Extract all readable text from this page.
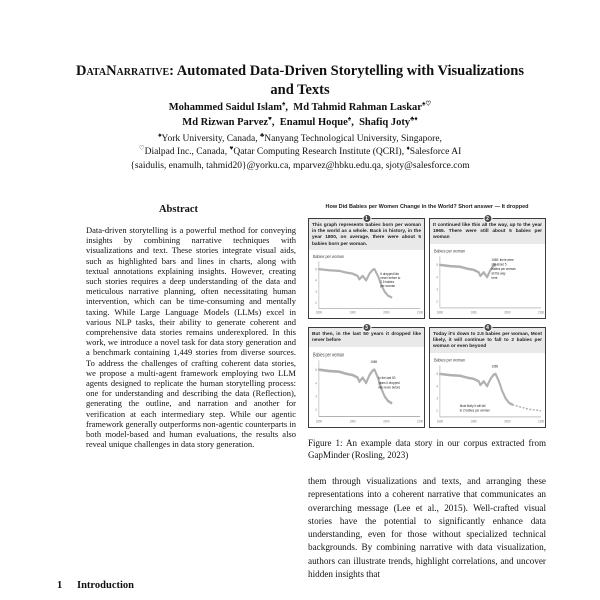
DataNarrative: Automated Data-Driven Storytelling with Visualizations and Texts
Mohammed Saidul Islam♠,  Md Tahmid Rahman Laskar♠♡
Md Rizwan Parvez♥,  Enamul Hoque♠,  Shafiq Joty♣♦
♠York University, Canada, ♣Nanyang Technological University, Singapore,
♡Dialpad Inc., Canada, ♥Qatar Computing Research Institute (QCRI), ♦Salesforce AI
{saidulis, enamulh, tahmid20}@yorku.ca, mparvez@hbku.edu.qa, sjoty@salesforce.com
Abstract
Data-driven storytelling is a powerful method for conveying insights by combining narrative techniques with visualizations and text. These stories integrate visual aids, such as highlighted bars and lines in charts, along with textual annotations explaining insights. However, creating such stories requires a deep understanding of the data and meticulous narrative planning, often necessitating human intervention, which can be time-consuming and mentally taxing. While Large Language Models (LLMs) excel in various NLP tasks, their ability to generate coherent and comprehensive data stories remains underexplored. In this work, we introduce a novel task for data story generation and a benchmark containing 1,449 stories from diverse sources. To address the challenges of crafting coherent data stories, we propose a multi-agent framework employing two LLM agents designed to replicate the human storytelling process: one for understanding and describing the data (Reflection), generating the outline, and narration and another for verification at each intermediary step. While our agentic framework generally outperforms non-agentic counterparts in both model-based and human evaluations, the results also reveal unique challenges in data story generation.
1 Introduction
How Did Babies per Women Change in the World? Short answer — It dropped
1
This graph represents babies born per woman in the world as a whole. Back in history, in the year 1800, on average, there were about 5 babies born per woman.
Babies per woman
5
4
3
2
1800	1900	2000	2100
It dropped like never before to 2.5 babies per woman
2
It continued like this all the way, up to the year 1965. There were still about 5 babies per woman
Babies per woman
5
4
3
2
1800	1900	2000	2100
1965: there were still about 5 babies per woman all the way here
3
But then, in the last 50 years it dropped like never before
Babies per woman
5
4
3
2
1800	1900	2000	2100
1965
In the last 50 years it dropped like never before
4
Today it's down to 2.5 babies per woman, Most likely, it will continue to fall to 2 babies per woman or even beyond
Babies per woman
5
4
3
2
1800	1900	2000	2100
1965
Most likely it will fall to 2 babies per woman
Figure 1: An example data story in our corpus extracted from GapMinder (Rosling, 2023)
them through visualizations and texts, and arranging these representations into a coherent narrative that communicates an overarching message (Lee et al., 2015). Well-crafted visual stories have the potential to significantly enhance data understanding, even for those without specialized technical backgrounds. By combining narrative with data visualization, authors can illustrate trends, highlight correlations, and uncover hidden insights that
